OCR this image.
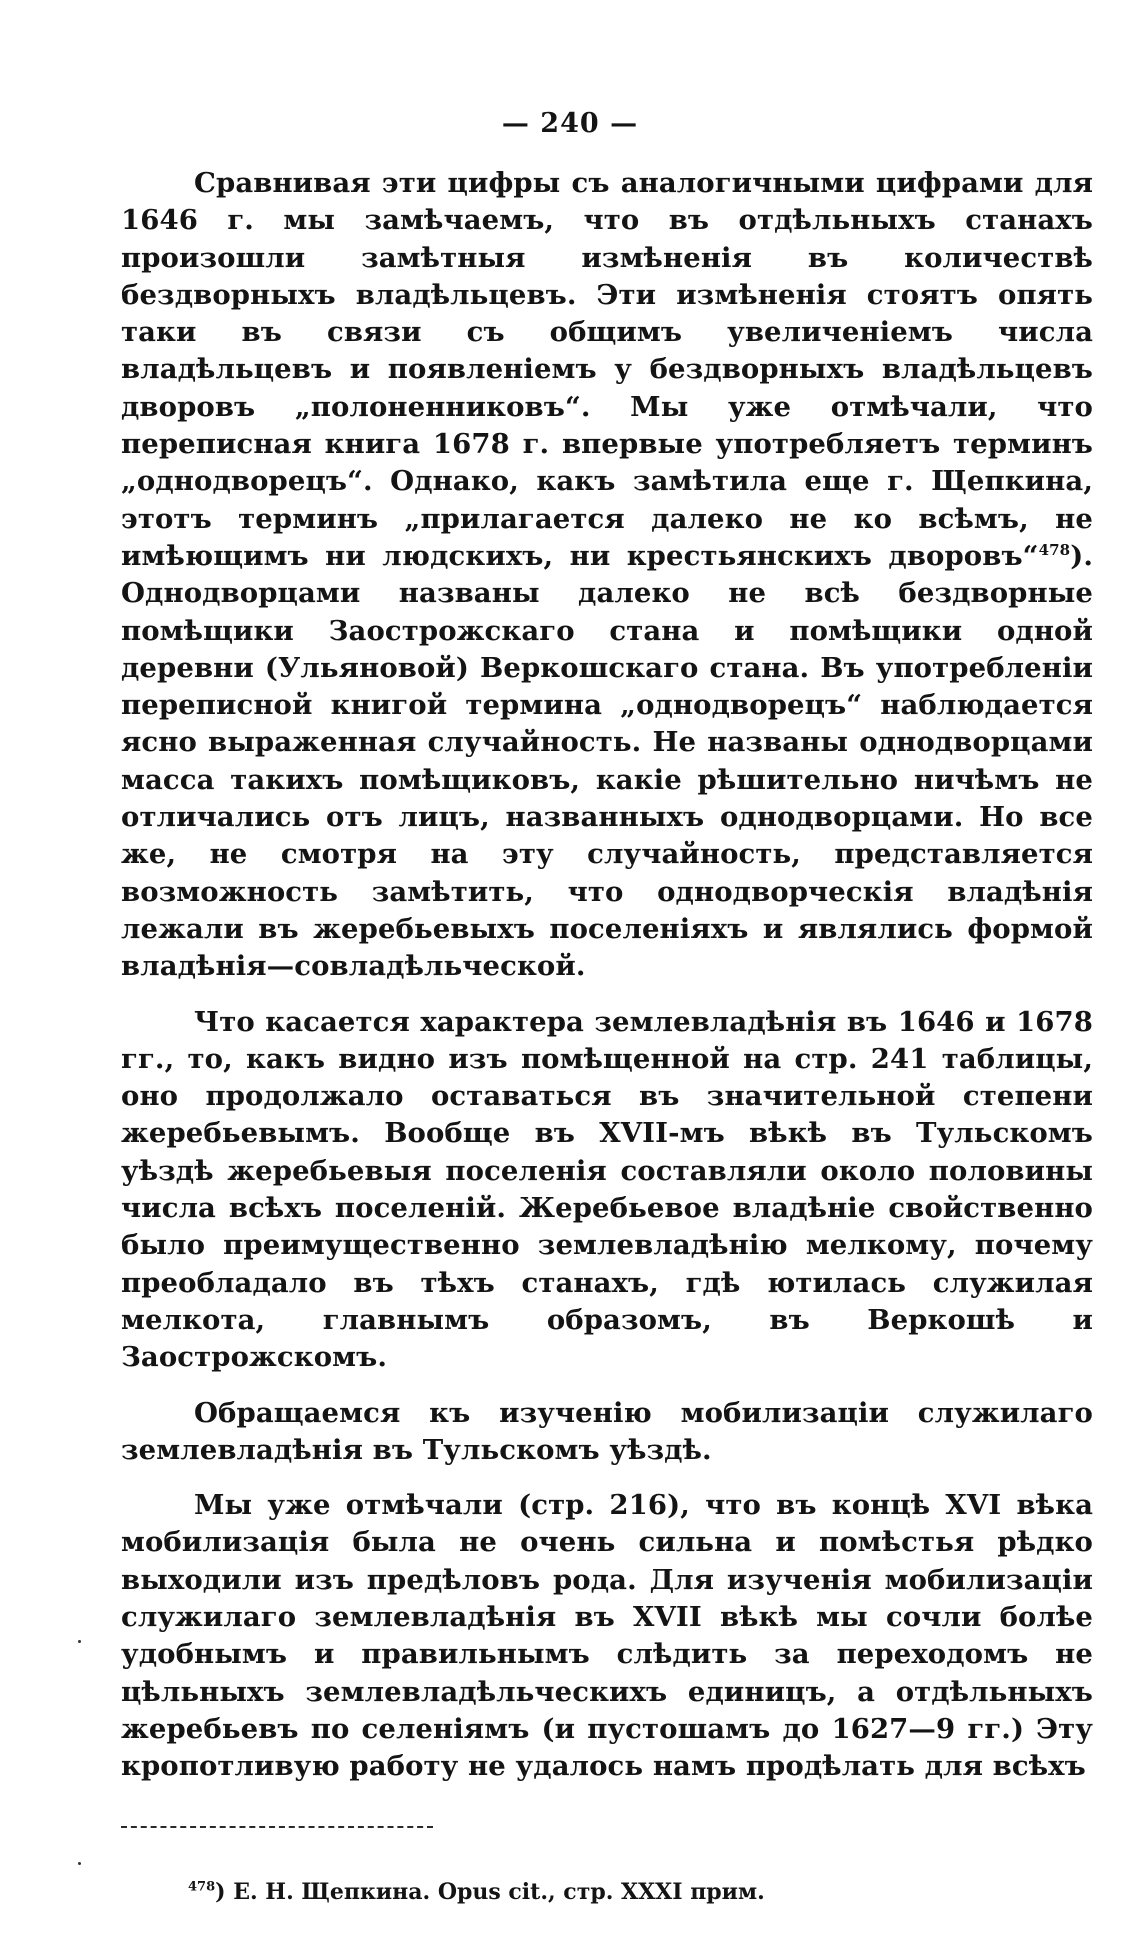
— 240 —

Сравнивая эти цифры съ аналогичными цифрами для 1646 г. мы замѣчаемъ, что въ отдѣльныхъ станахъ произошли замѣтныя измѣненія въ количествѣ бездворныхъ владѣльцевъ. Эти измѣненія стоятъ опять таки въ связи съ общимъ увеличеніемъ числа владѣльцевъ и появленіемъ у бездворныхъ владѣльцевъ дворовъ „полоненниковъ“. Мы уже отмѣчали, что переписная книга 1678 г. впервые употребляетъ терминъ „однодворецъ“. Однако, какъ замѣтила еще г. Щепкина, этотъ терминъ „прилагается далеко не ко всѣмъ, не имѣющимъ ни людскихъ, ни крестьянскихъ дворовъ“$^{478}$). Однодворцами названы далеко не всѣ бездворные помѣщики Заострожскаго стана и помѣщики одной деревни (Ульяновой) Веркошскаго стана. Въ употребленіи переписной книгой термина „однодворецъ“ наблюдается ясно выраженная случайность. Не названы однодворцами масса такихъ помѣщиковъ, какіе рѣшительно ничѣмъ не отличались отъ лицъ, названныхъ однодворцами. Но все же, не смотря на эту случайность, представляется возможность замѣтить, что однодворческія владѣнія лежали въ жеребьевыхъ поселеніяхъ и являлись формой владѣнія—совладѣльческой.

Что касается характера землевладѣнія въ 1646 и 1678 гг., то, какъ видно изъ помѣщенной на стр. 241 таблицы, оно продолжало оставаться въ значительной степени жеребьевымъ. Вообще въ XVII-мъ вѣкѣ въ Тульскомъ уѣздѣ жеребьевыя поселенія составляли около половины числа всѣхъ поселеній. Жеребьевое владѣніе свойственно было преимущественно землевладѣнію мелкому, почему преобладало въ тѣхъ станахъ, гдѣ ютилась служилая мелкота, главнымъ образомъ, въ Веркошѣ и Заострожскомъ.

Обращаемся къ изученію мобилизаціи служилаго землевладѣнія въ Тульскомъ уѣздѣ.

Мы уже отмѣчали (стр. 216), что въ концѣ XVI вѣка мобилизація была не очень сильна и помѣстья рѣдко выходили изъ предѣловъ рода. Для изученія мобилизаціи служилаго землевладѣнія въ XVII вѣкѣ мы сочли болѣе удобнымъ и правильнымъ слѣдить за переходомъ не цѣльныхъ землевладѣльческихъ единицъ, а отдѣльныхъ жеребьевъ по селеніямъ (и пустошамъ до 1627—9 гг.) Эту кропотливую работу не удалось намъ продѣлать для всѣхъ

$^{478}$) Е. Н. Щепкина. Opus cit., стр. XXXI прим.
